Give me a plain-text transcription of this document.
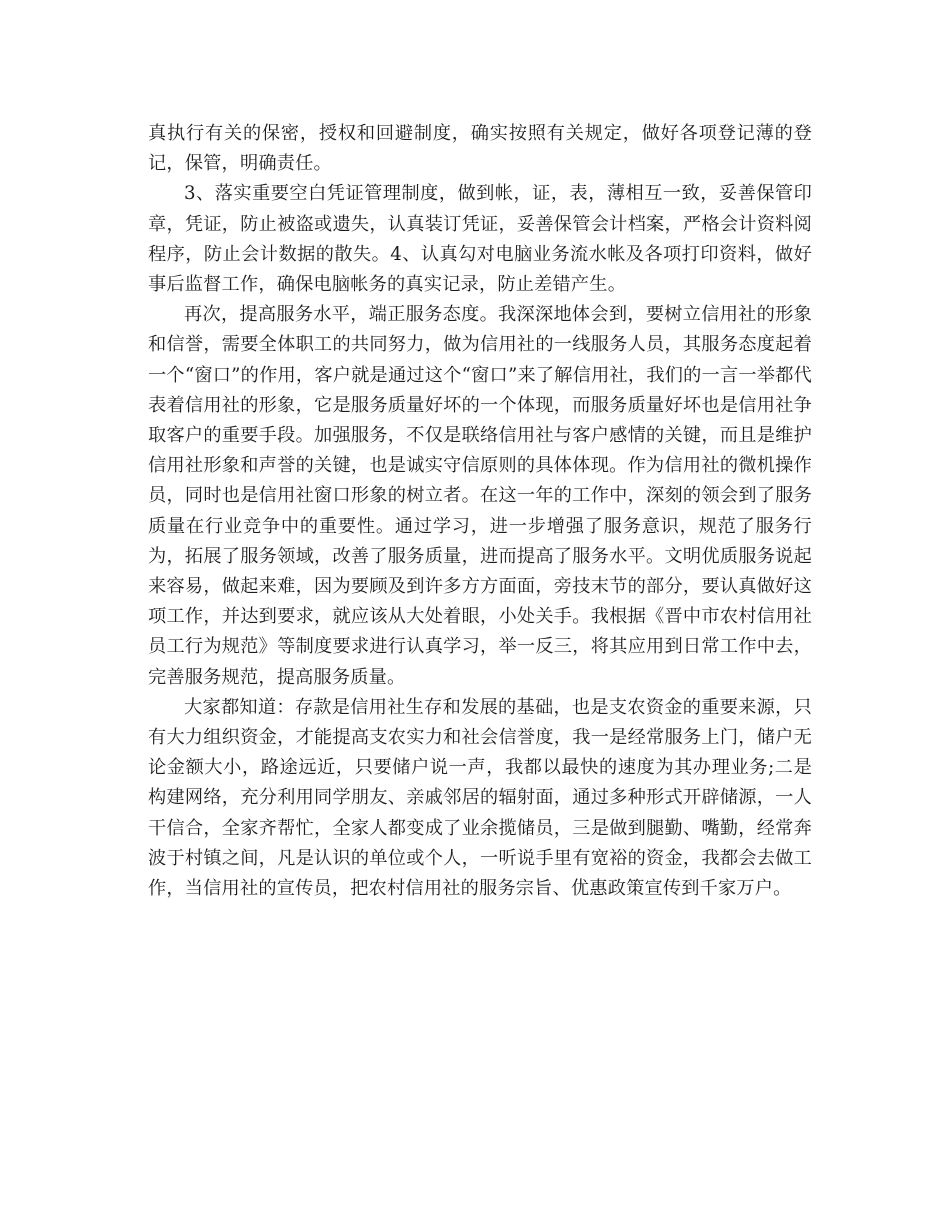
真执行有关的保密，授权和回避制度，确实按照有关规定，做好各项登记薄的登记，保管，明确责任。

3、落实重要空白凭证管理制度，做到帐，证，表，薄相互一致，妥善保管印章，凭证，防止被盗或遗失，认真装订凭证，妥善保管会计档案，严格会计资料阅程序，防止会计数据的散失。4、认真勾对电脑业务流水帐及各项打印资料，做好事后监督工作，确保电脑帐务的真实记录，防止差错产生。

再次，提高服务水平，端正服务态度。我深深地体会到，要树立信用社的形象和信誉，需要全体职工的共同努力，做为信用社的一线服务人员，其服务态度起着一个“窗口”的作用，客户就是通过这个“窗口”来了解信用社，我们的一言一举都代表着信用社的形象，它是服务质量好坏的一个体现，而服务质量好坏也是信用社争取客户的重要手段。加强服务，不仅是联络信用社与客户感情的关键，而且是维护信用社形象和声誉的关键，也是诚实守信原则的具体体现。作为信用社的微机操作员，同时也是信用社窗口形象的树立者。在这一年的工作中，深刻的领会到了服务质量在行业竞争中的重要性。通过学习，进一步增强了服务意识，规范了服务行为，拓展了服务领域，改善了服务质量，进而提高了服务水平。文明优质服务说起来容易，做起来难，因为要顾及到许多方方面面，旁技末节的部分，要认真做好这项工作，并达到要求，就应该从大处着眼，小处关手。我根据《晋中市农村信用社员工行为规范》等制度要求进行认真学习，举一反三，将其应用到日常工作中去，完善服务规范，提高服务质量。

大家都知道：存款是信用社生存和发展的基础，也是支农资金的重要来源，只有大力组织资金，才能提高支农实力和社会信誉度，我一是经常服务上门，储户无论金额大小，路途远近，只要储户说一声，我都以最快的速度为其办理业务;二是构建网络，充分利用同学朋友、亲戚邻居的辐射面，通过多种形式开辟储源，一人干信合，全家齐帮忙，全家人都变成了业余揽储员，三是做到腿勤、嘴勤，经常奔波于村镇之间，凡是认识的单位或个人，一听说手里有宽裕的资金，我都会去做工作，当信用社的宣传员，把农村信用社的服务宗旨、优惠政策宣传到千家万户。
